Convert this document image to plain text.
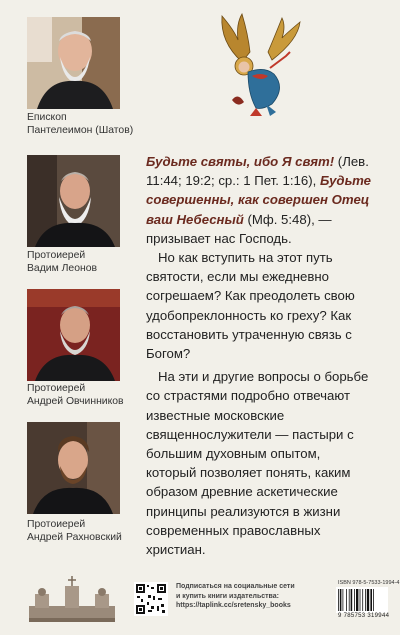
Епископ
Пантелеимон (Шатов)
Протоиерей
Вадим Леонов
Протоиерей
Андрей Овчинников
Протоиерей
Андрей Рахновский

Будьте святы, ибо Я свят! (Лев. 11:44; 19:2; ср.: 1 Пет. 1:16), Будьте совершенны, как совершен Отец ваш Небесный (Мф. 5:48), — призывает нас Господь.

Но как вступить на этот путь святости, если мы ежедневно согрешаем? Как преодолеть свою удобопреклонность ко греху? Как восстановить утраченную связь с Богом?

На эти и другие вопросы о борьбе со страстями подробно отвечают известные московские священнослужители — пастыри с большим духовным опытом, который позволяет понять, каким образом древние аскетические принципы реализуются в жизни современных православных христиан.

Подписаться на социальные сети
и купить книги издательства:
https://taplink.cc/sretensky_books
ISBN 978-5-7533-1994-4
9 785753 319944
